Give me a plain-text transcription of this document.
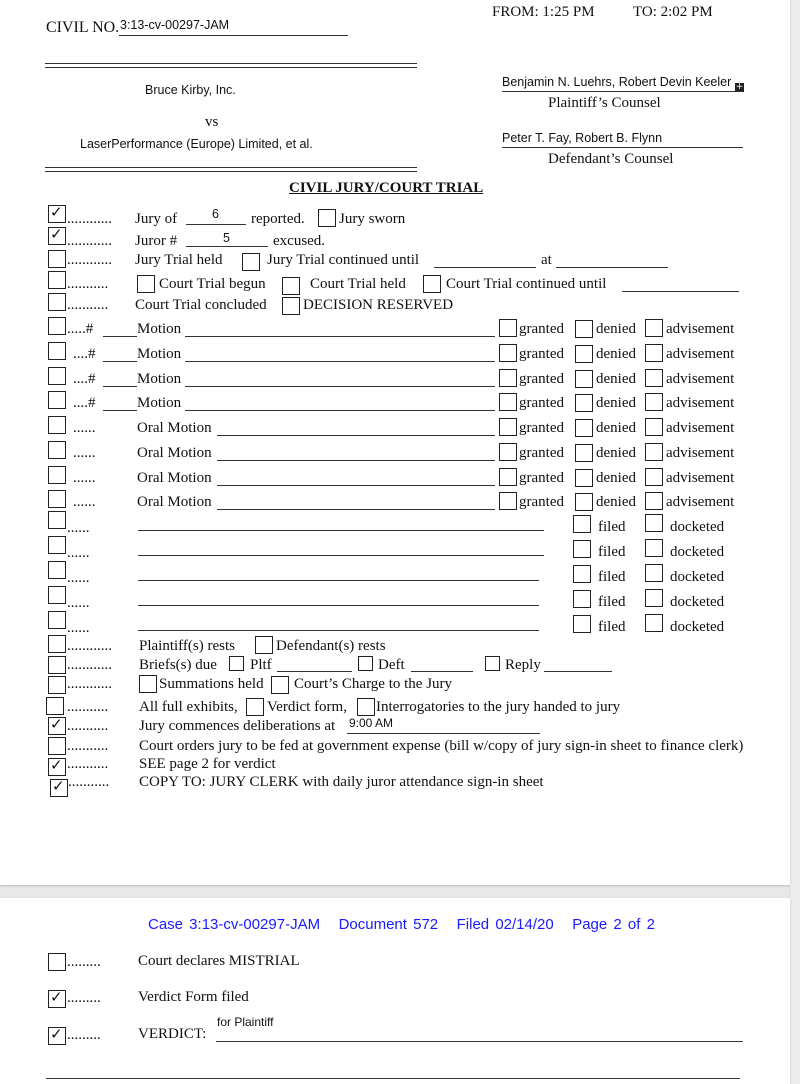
CIVIL NO. 3:13-cv-00297-JAM
FROM: 1:25 PM	TO: 2:02 PM
Bruce Kirby, Inc.
vs
LaserPerformance (Europe) Limited, et al.
Benjamin N. Luehrs, Robert Devin Keeler +
Plaintiff’s Counsel
Peter T. Fay, Robert B. Flynn
Defendant’s Counsel
CIVIL JURY/COURT TRIAL
✓ ............ Jury of	6 reported. Jury sworn
✓ ............ Juror #	5	excused.
............ Jury Trial held	Jury Trial continued until	at
...........	Court Trial begun	Court Trial held	Court Trial continued until
........... Court Trial concluded DECISION RESERVED
.....#	Motion	granted denied advisement
....#	Motion	granted denied advisement
....#	Motion	granted denied advisement
....#	Motion	granted denied advisement
......	Oral Motion	granted denied advisement
......	Oral Motion	granted denied advisement
......	Oral Motion	granted denied advisement
......	Oral Motion	granted denied advisement
......	filed	docketed
......	filed	docketed
......	filed	docketed
......	filed	docketed
......	filed	docketed
............ Plaintiff(s) rests	Defendant(s) rests
............ Briefs(s) due Pltf	Deft	Reply
............	Summations held Court’s Charge to the Jury
........... All full exhibits, Verdict form, Interrogatories to the jury handed to jury
✓ ........... Jury commences deliberations at 9:00 AM
........... Court orders jury to be fed at government expense (bill w/copy of jury sign-in sheet to finance clerk)
✓ ........... SEE page 2 for verdict
✓ ........... COPY TO: JURY CLERK with daily juror attendance sign-in sheet
Case 3:13-cv-00297-JAM   Document 572   Filed 02/14/20   Page 2 of 2
......... Court declares MISTRIAL
✓ ......... Verdict Form filed
✓ ......... VERDICT:
for Plaintiff
